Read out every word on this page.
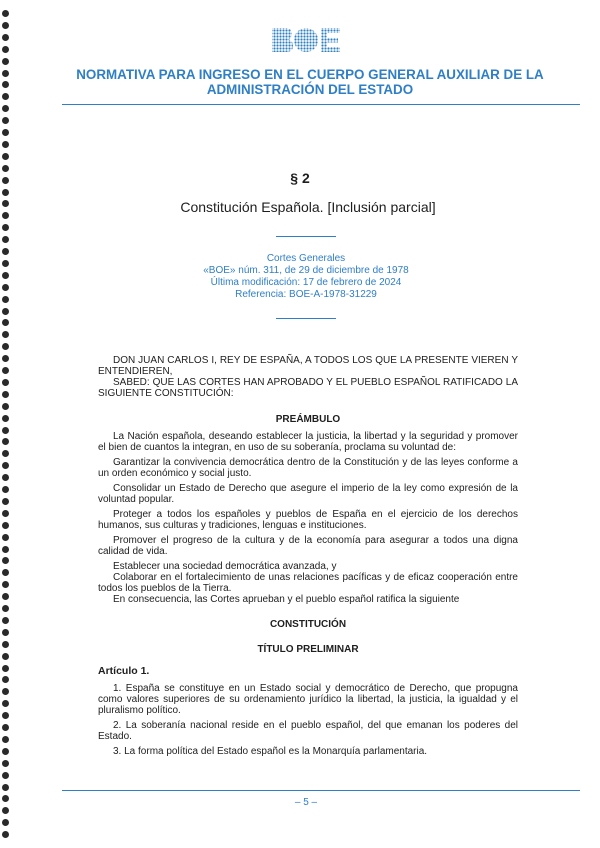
NORMATIVA PARA INGRESO EN EL CUERPO GENERAL AUXILIAR DE LA
ADMINISTRACIÓN DEL ESTADO
§ 2
Constitución Española. [Inclusión parcial]
Cortes Generales
«BOE» núm. 311, de 29 de diciembre de 1978
Última modificación: 17 de febrero de 2024
Referencia: BOE-A-1978-31229

DON JUAN CARLOS I, REY DE ESPAÑA, A TODOS LOS QUE LA PRESENTE VIEREN Y ENTENDIEREN,

SABED: QUE LAS CORTES HAN APROBADO Y EL PUEBLO ESPAÑOL RATIFICADO LA SIGUIENTE CONSTITUCIÓN:

PREÁMBULO

La Nación española, deseando establecer la justicia, la libertad y la seguridad y promover el bien de cuantos la integran, en uso de su soberanía, proclama su voluntad de:

Garantizar la convivencia democrática dentro de la Constitución y de las leyes conforme a un orden económico y social justo.

Consolidar un Estado de Derecho que asegure el imperio de la ley como expresión de la voluntad popular.

Proteger a todos los españoles y pueblos de España en el ejercicio de los derechos humanos, sus culturas y tradiciones, lenguas e instituciones.

Promover el progreso de la cultura y de la economía para asegurar a todos una digna calidad de vida.

Establecer una sociedad democrática avanzada, y

Colaborar en el fortalecimiento de unas relaciones pacíficas y de eficaz cooperación entre todos los pueblos de la Tierra.

En consecuencia, las Cortes aprueban y el pueblo español ratifica la siguiente

CONSTITUCIÓN

TÍTULO PRELIMINAR

Artículo 1.

1. España se constituye en un Estado social y democrático de Derecho, que propugna como valores superiores de su ordenamiento jurídico la libertad, la justicia, la igualdad y el pluralismo político.

2. La soberanía nacional reside en el pueblo español, del que emanan los poderes del Estado.

3. La forma política del Estado español es la Monarquía parlamentaria.

– 5 –
